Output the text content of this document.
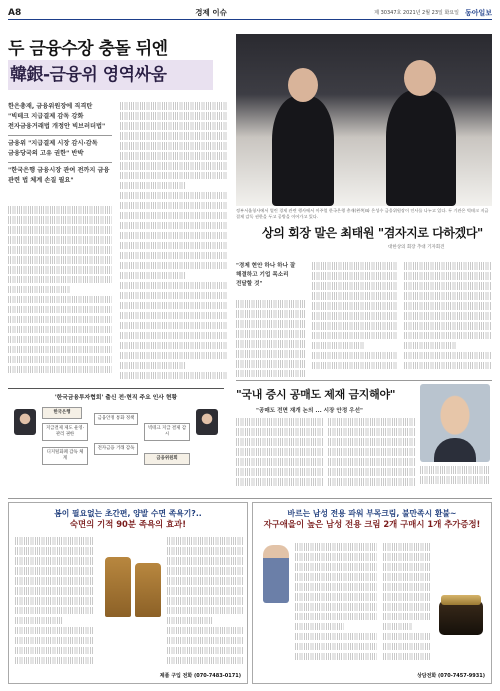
A8	경제 이슈	제 30347호 2021년 2월 23일 화요일 동아일보
두 금융수장 충돌 뒤엔
韓銀-금융위 영역싸움
한은총재, 금융위원장에 직격탄
"빅테크 지급결제 감독 강화
전자금융거래법 개정안 빅브러더법"
금융위 "지급결제 시장 감시·감독
금융당국의 고유 권한" 반박
"한국은행 금융시장 관여 전까지 금융 관련 법 체계 손질 필요"
정부서울청사에서 열린 경제 관련 행사에서 이주열 한국은행 총재(왼쪽)와 은성수 금융위원장이 인사를 나누고 있다. 두 기관은 빅테크 지급결제 감독 권한을 두고 공방을 이어가고 있다.
상의 회장 말은 최태원 "겸자지로 다하겠다"
대한상의 회장 추대 기자회견
"경제 현안 하나 하나 잘
해결하고 기업 목소리
전달할 것"
'한국금융투자협회' 출신 전·현직 주요 인사 현황
한국은행
지급결제 제도 운영·관리 권한
디지털화폐 감독 체계
금융안정 통화 정책
전자금융 거래 감독
빅테크 지급 결제 감시
금융위원회
"국내 증시 공매도 제재 금지해야"
"공매도 전면 재개 논의 ... 시장 안정 우선"
봄이 필요없는 초간편, 양발 수면 족욕기?..
숙면의 기적 90분 족욕의 효과!
제품 구입 전화 (070-7483-0171)
바르는 남성 전용 파워 부목크림, 불만족시 환불~
자구애을이 높은 남성 전용 크림 2개 구매시 1개 추가증정!
상담전화 (070-7457-9931)
